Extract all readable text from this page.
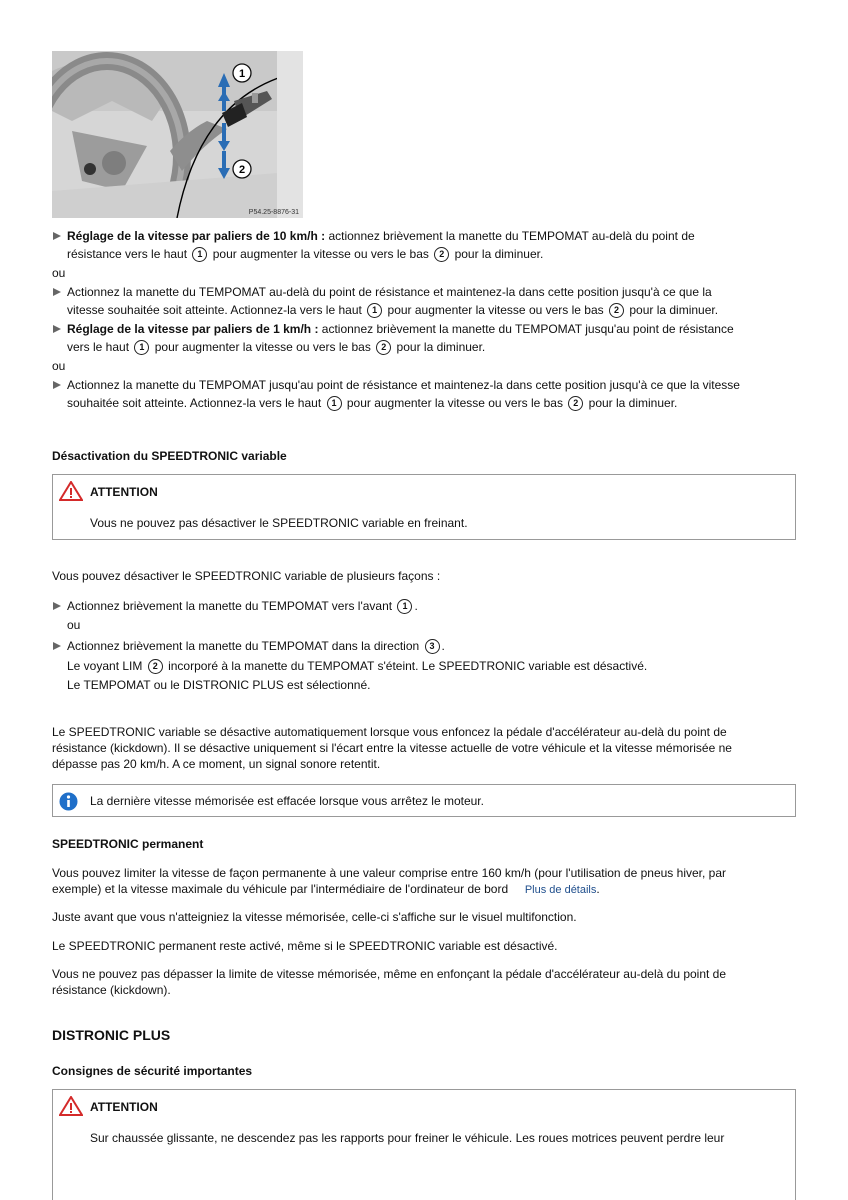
1
2
P54.25-8876-31
Réglage de la vitesse par paliers de 10 km/h : actionnez brièvement la manette du TEMPOMAT au-delà du point de
résistance vers le haut 1 pour augmenter la vitesse ou vers le bas 2 pour la diminuer.
ou
Actionnez la manette du TEMPOMAT au-delà du point de résistance et maintenez-la dans cette position jusqu'à ce que la
vitesse souhaitée soit atteinte. Actionnez-la vers le haut 1 pour augmenter la vitesse ou vers le bas 2 pour la diminuer.
Réglage de la vitesse par paliers de 1 km/h : actionnez brièvement la manette du TEMPOMAT jusqu'au point de résistance
vers le haut 1 pour augmenter la vitesse ou vers le bas 2 pour la diminuer.
ou
Actionnez la manette du TEMPOMAT jusqu'au point de résistance et maintenez-la dans cette position jusqu'à ce que la vitesse
souhaitée soit atteinte. Actionnez-la vers le haut 1 pour augmenter la vitesse ou vers le bas 2 pour la diminuer.
Désactivation du SPEEDTRONIC variable
ATTENTION
Vous ne pouvez pas désactiver le SPEEDTRONIC variable en freinant.
Vous pouvez désactiver le SPEEDTRONIC variable de plusieurs façons :
Actionnez brièvement la manette du TEMPOMAT vers l'avant 1 .
ou
Actionnez brièvement la manette du TEMPOMAT dans la direction 3 .
Le voyant LIM 2 incorporé à la manette du TEMPOMAT s'éteint. Le SPEEDTRONIC variable est désactivé.
Le TEMPOMAT ou le DISTRONIC PLUS est sélectionné.
Le SPEEDTRONIC variable se désactive automatiquement lorsque vous enfoncez la pédale d'accélérateur au-delà du point de
résistance (kickdown). Il se désactive uniquement si l'écart entre la vitesse actuelle de votre véhicule et la vitesse mémorisée ne
dépasse pas 20 km/h. A ce moment, un signal sonore retentit.
La dernière vitesse mémorisée est effacée lorsque vous arrêtez le moteur.
SPEEDTRONIC permanent
Vous pouvez limiter la vitesse de façon permanente à une valeur comprise entre 160 km/h (pour l'utilisation de pneus hiver, par
exemple) et la vitesse maximale du véhicule par l'intermédiaire de l'ordinateur de bord Plus de détails.
Juste avant que vous n'atteigniez la vitesse mémorisée, celle-ci s'affiche sur le visuel multifonction.
Le SPEEDTRONIC permanent reste activé, même si le SPEEDTRONIC variable est désactivé.
Vous ne pouvez pas dépasser la limite de vitesse mémorisée, même en enfonçant la pédale d'accélérateur au-delà du point de
résistance (kickdown).
DISTRONIC PLUS
Consignes de sécurité importantes
ATTENTION
Sur chaussée glissante, ne descendez pas les rapports pour freiner le véhicule. Les roues motrices peuvent perdre leur
